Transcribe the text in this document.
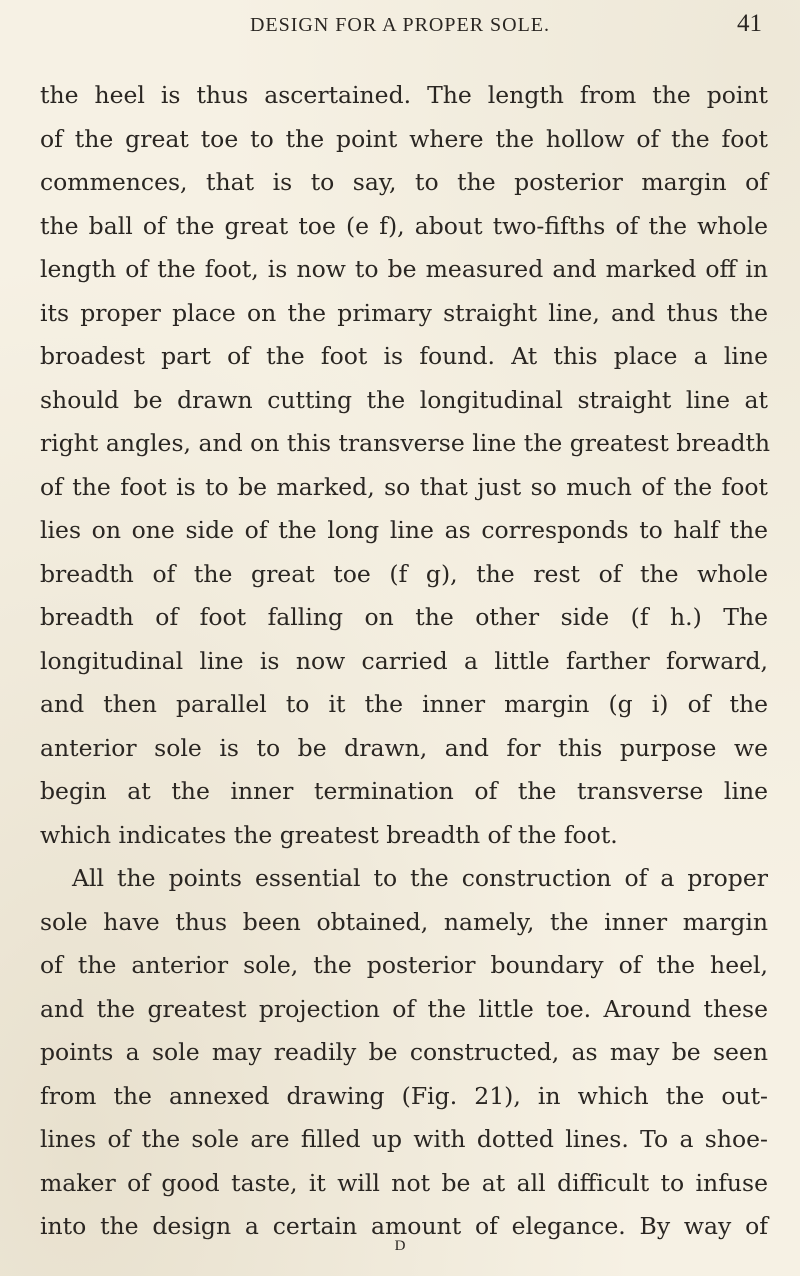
DESIGN FOR A PROPER SOLE.	41
the heel is thus ascertained. The length from the point
of the great toe to the point where the hollow of the foot
commences, that is to say, to the posterior margin of
the ball of the great toe (e f), about two-fifths of the whole
length of the foot, is now to be measured and marked off in
its proper place on the primary straight line, and thus the
broadest part of the foot is found. At this place a line
should be drawn cutting the longitudinal straight line at
right angles, and on this transverse line the greatest breadth
of the foot is to be marked, so that just so much of the foot
lies on one side of the long line as corresponds to half the
breadth of the great toe (f g), the rest of the whole
breadth of foot falling on the other side (f h.) The
longitudinal line is now carried a little farther forward,
and then parallel to it the inner margin (g i) of the
anterior sole is to be drawn, and for this purpose we
begin at the inner termination of the transverse line
which indicates the greatest breadth of the foot.
All the points essential to the construction of a proper
sole have thus been obtained, namely, the inner margin
of the anterior sole, the posterior boundary of the heel,
and the greatest projection of the little toe. Around these
points a sole may readily be constructed, as may be seen
from the annexed drawing (Fig. 21), in which the out-
lines of the sole are filled up with dotted lines. To a shoe-
maker of good taste, it will not be at all difficult to infuse
into the design a certain amount of elegance. By way of
D
